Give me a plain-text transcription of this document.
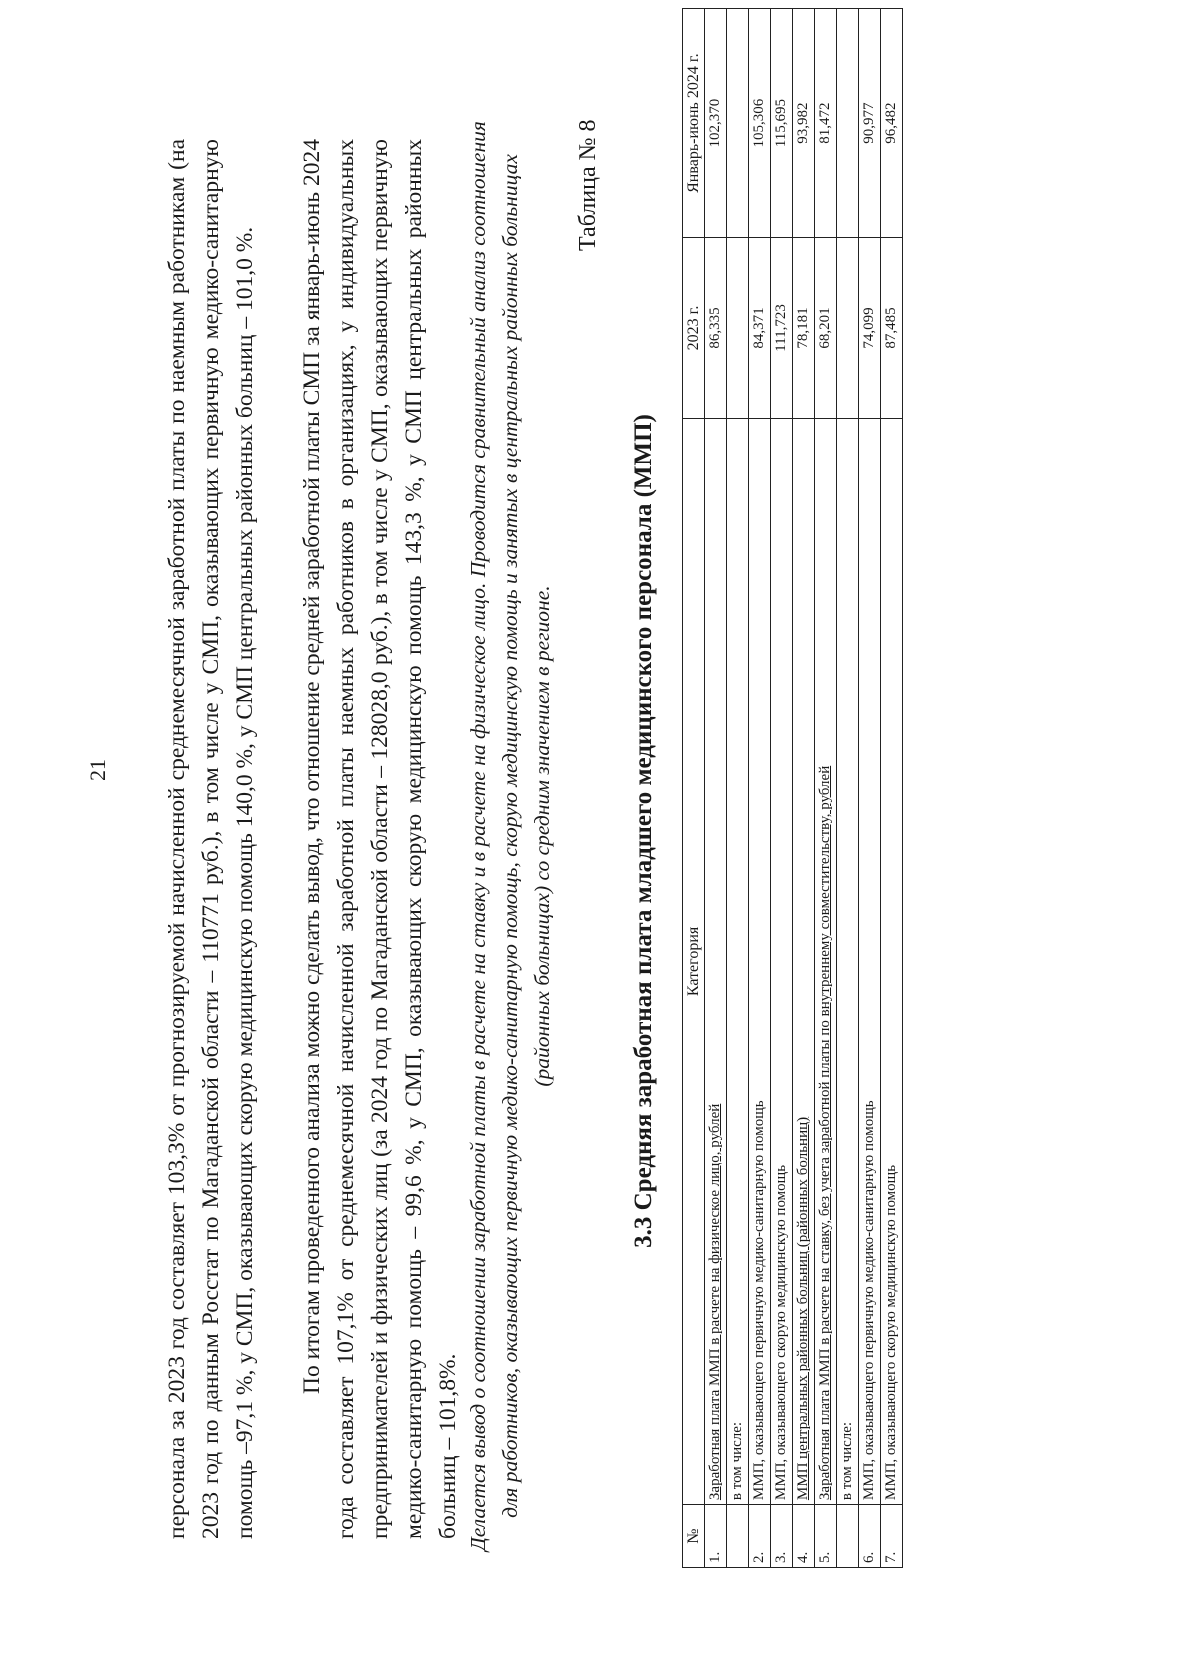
21 персонала за 2023 год составляет 103,3% от прогнозируемой начисленной среднемесячной заработной платы по наемным работникам (на 2023 год по данным Росстат по Магаданской области – 110771 руб.), в том числе у СМП, оказывающих первичную медико-санитарную помощь –97,1 %, у СМП, оказывающих скорую медицинскую помощь 140,0 %, у СМП центральных районных больниц – 101,0 %. По итогам проведенного анализа можно сделать вывод, что отношение средней заработной платы СМП за январь-июнь 2024 года составляет 107,1% от среднемесячной начисленной заработной платы наемных работников в организациях, у индивидуальных предпринимателей и физических лиц (за 2024 год по Магаданской области – 128028,0 руб.), в том числе у СМП, оказывающих первичную медико-санитарную помощь – 99,6 %, у СМП, оказывающих скорую медицинскую помощь 143,3 %, у СМП центральных районных больниц – 101,8%. Делается вывод о соотношении заработной платы в расчете на ставку и в расчете на физическое лицо. Проводится сравнительный анализ соотношения для работников, оказывающих первичную медико-санитарную помощь, скорую медицинскую помощь и занятых в центральных районных больницах (районных больницах) со средним значением в регионе.
Таблица № 8
3.3 Средняя заработная плата младшего медицинского персонала (ММП)
№	Категория	2023 г.	Январь-июнь 2024 г.
1.	Заработная плата ММП в расчете на физическое лицо, рублей	86,335	102,370
	в том числе:		
2.	ММП, оказывающего первичную медико-санитарную помощь	84,371	105,306
3.	ММП, оказывающего скорую медицинскую помощь	111,723	115,695
4.	ММП центральных районных больниц (районных больниц)	78,181	93,982
5.	Заработная плата ММП в расчете на ставку, без учета заработной платы по внутреннему совместительству, рублей	68,201	81,472
	в том числе:		
6.	ММП, оказывающего первичную медико-санитарную помощь	74,099	90,977
7.	ММП, оказывающего скорую медицинскую помощь	87,485	96,482
